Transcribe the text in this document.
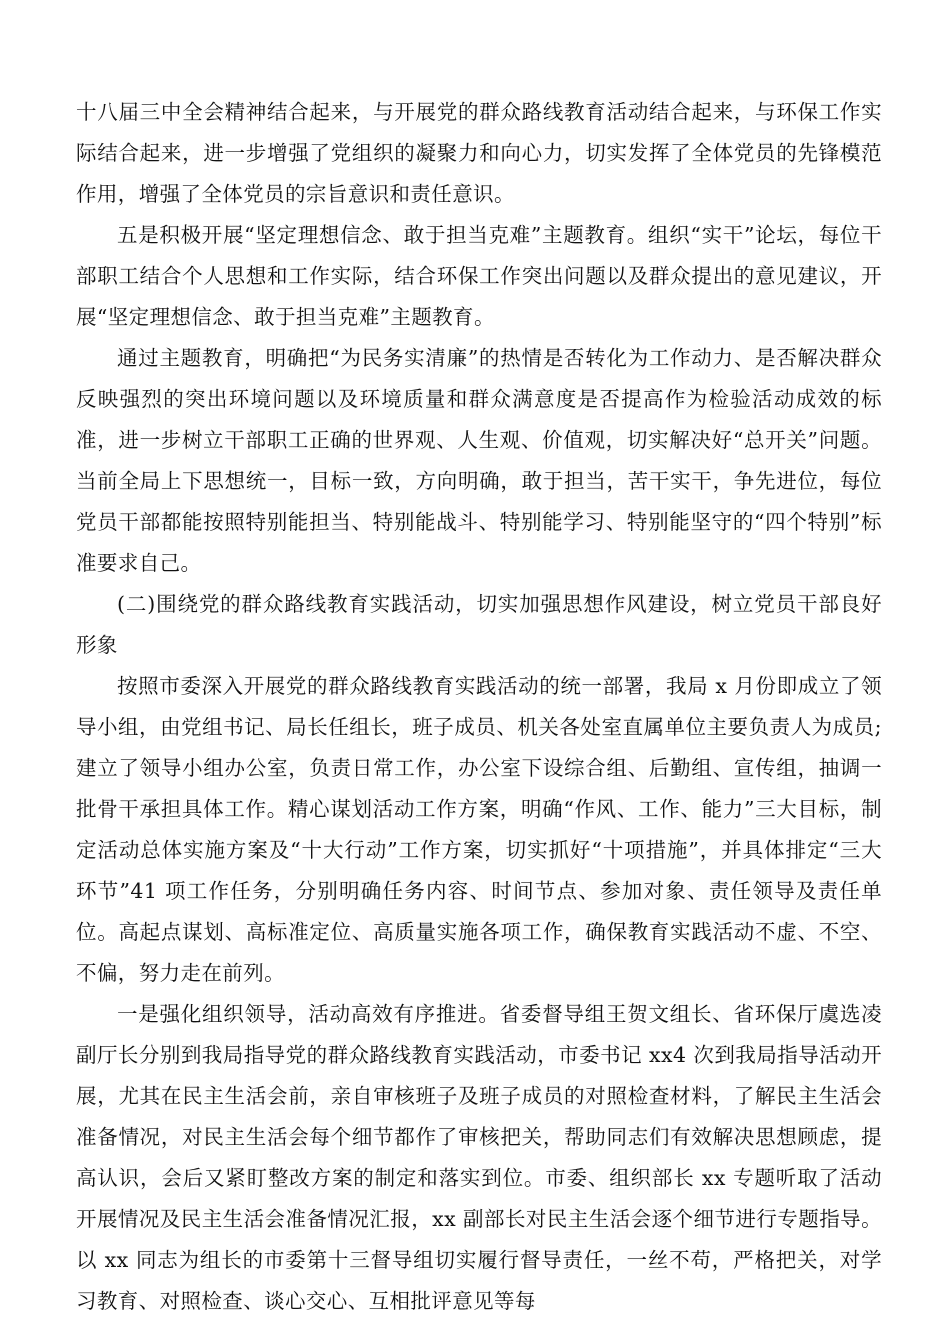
十八届三中全会精神结合起来，与开展党的群众路线教育活动结合起来，与环保工作实际结合起来，进一步增强了党组织的凝聚力和向心力，切实发挥了全体党员的先锋模范作用，增强了全体党员的宗旨意识和责任意识。

五是积极开展“坚定理想信念、敢于担当克难”主题教育。组织“实干”论坛，每位干部职工结合个人思想和工作实际，结合环保工作突出问题以及群众提出的意见建议，开展“坚定理想信念、敢于担当克难”主题教育。

通过主题教育，明确把“为民务实清廉”的热情是否转化为工作动力、是否解决群众反映强烈的突出环境问题以及环境质量和群众满意度是否提高作为检验活动成效的标准，进一步树立干部职工正确的世界观、人生观、价值观，切实解决好“总开关”问题。当前全局上下思想统一，目标一致，方向明确，敢于担当，苦干实干，争先进位，每位党员干部都能按照特别能担当、特别能战斗、特别能学习、特别能坚守的“四个特别”标准要求自己。

(二)围绕党的群众路线教育实践活动，切实加强思想作风建设，树立党员干部良好形象

按照市委深入开展党的群众路线教育实践活动的统一部署，我局 x 月份即成立了领导小组，由党组书记、局长任组长，班子成员、机关各处室直属单位主要负责人为成员;建立了领导小组办公室，负责日常工作，办公室下设综合组、后勤组、宣传组，抽调一批骨干承担具体工作。精心谋划活动工作方案，明确“作风、工作、能力”三大目标，制定活动总体实施方案及“十大行动”工作方案，切实抓好“十项措施”，并具体排定“三大环节”41 项工作任务，分别明确任务内容、时间节点、参加对象、责任领导及责任单位。高起点谋划、高标准定位、高质量实施各项工作，确保教育实践活动不虚、不空、不偏，努力走在前列。

一是强化组织领导，活动高效有序推进。省委督导组王贺文组长、省环保厅虞选凌副厅长分别到我局指导党的群众路线教育实践活动，市委书记 xx4 次到我局指导活动开展，尤其在民主生活会前，亲自审核班子及班子成员的对照检查材料，了解民主生活会准备情况，对民主生活会每个细节都作了审核把关，帮助同志们有效解决思想顾虑，提高认识，会后又紧盯整改方案的制定和落实到位。市委、组织部长 xx 专题听取了活动开展情况及民主生活会准备情况汇报，xx 副部长对民主生活会逐个细节进行专题指导。以 xx 同志为组长的市委第十三督导组切实履行督导责任，一丝不苟，严格把关，对学习教育、对照检查、谈心交心、互相批评意见等每
